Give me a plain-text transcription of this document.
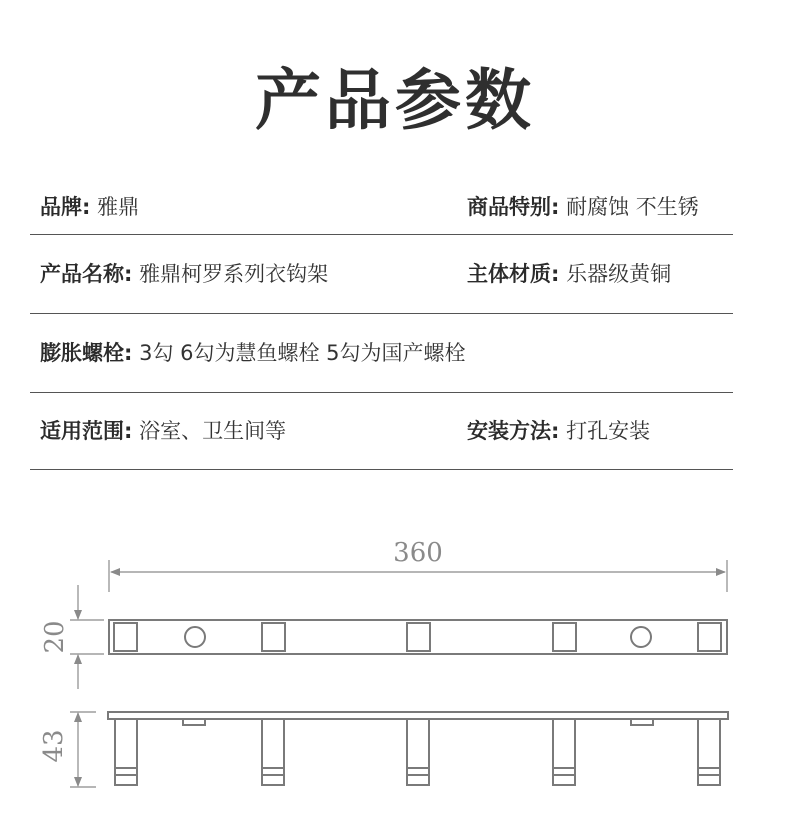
产品参数
品牌: 雅鼎	商品特别: 耐腐蚀 不生锈
产品名称: 雅鼎柯罗系列衣钩架	主体材质: 乐器级黄铜
膨胀螺栓: 3勾 6勾为慧鱼螺栓 5勾为国产螺栓
适用范围: 浴室、卫生间等	安装方法: 打孔安装
360
20
43
